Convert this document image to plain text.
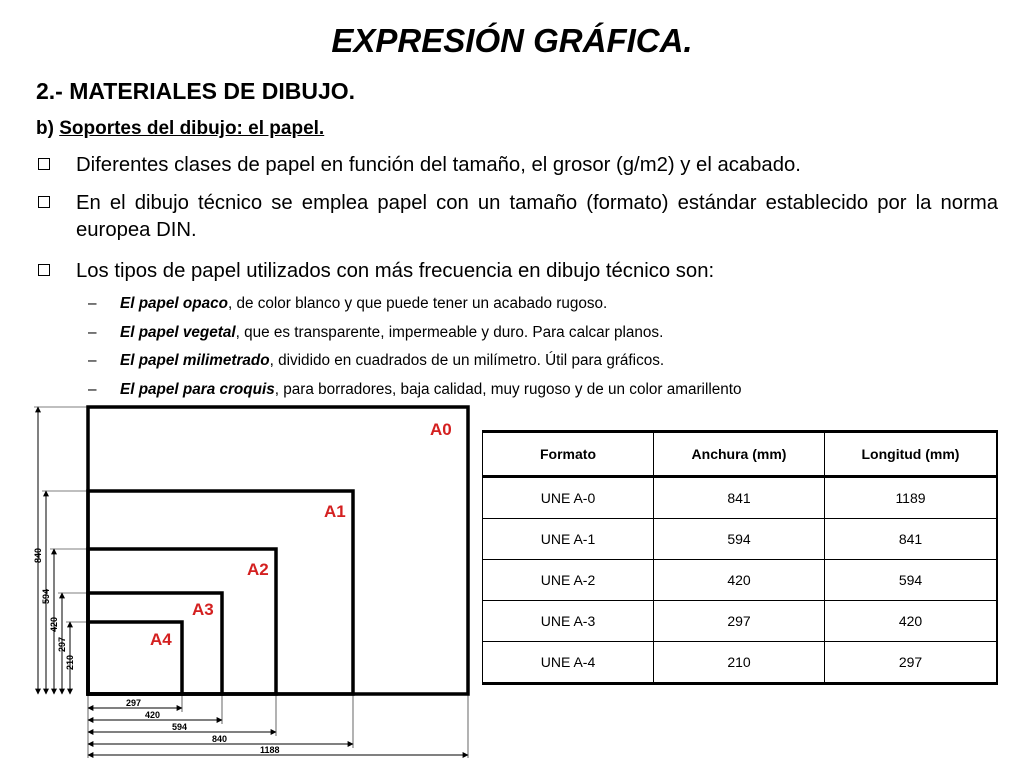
EXPRESIÓN GRÁFICA.
2.- MATERIALES DE DIBUJO.
b) Soportes del dibujo: el papel.
Diferentes clases de papel en función del tamaño, el grosor (g/m2) y el acabado.
En el dibujo técnico se emplea papel con un tamaño (formato) estándar establecido por la norma europea DIN.
Los tipos de papel utilizados con más frecuencia en dibujo técnico son:
– El papel opaco, de color blanco y que puede tener un acabado rugoso.
– El papel vegetal, que es transparente, impermeable y duro. Para calcar planos.
– El papel milimetrado, dividido en cuadrados de un milímetro. Útil para gráficos.
– El papel para croquis, para borradores, baja calidad, muy rugoso y de un color amarillento
A0
A1
A2
A3
A4
840
594
420
297
210
297
420
594
840
1188
Formato	Anchura (mm)	Longitud (mm)
UNE A-0	841	1189
UNE A-1	594	841
UNE A-2	420	594
UNE A-3	297	420
UNE A-4	210	297
